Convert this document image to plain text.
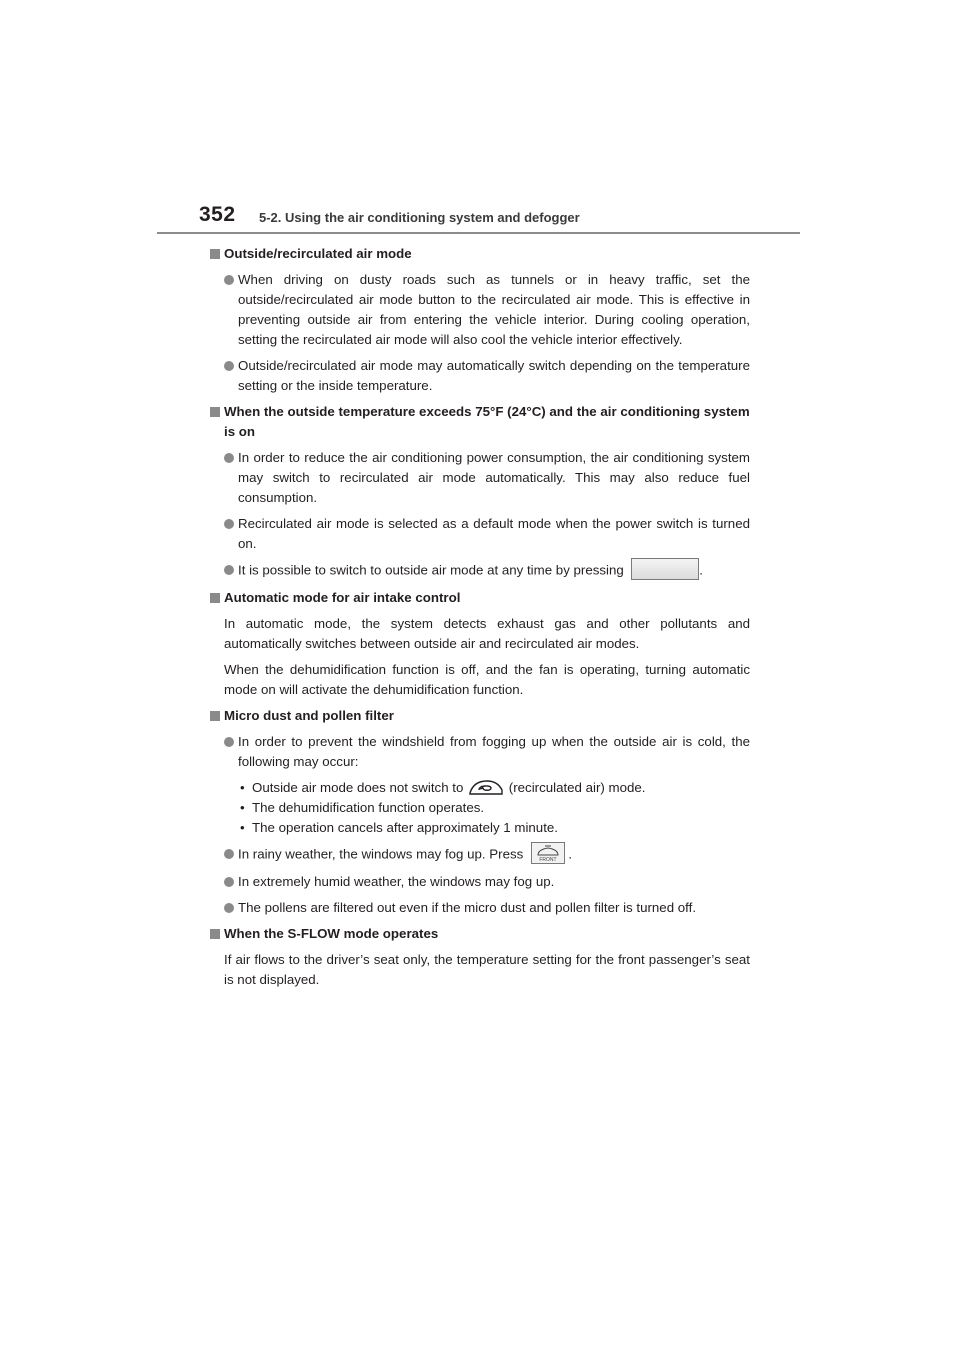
352 5-2. Using the air conditioning system and defogger
Outside/recirculated air mode
When driving on dusty roads such as tunnels or in heavy traffic, set the outside/recirculated air mode button to the recirculated air mode. This is effective in preventing outside air from entering the vehicle interior. During cooling operation, setting the recirculated air mode will also cool the vehicle interior effectively.
Outside/recirculated air mode may automatically switch depending on the temperature setting or the inside temperature.
When the outside temperature exceeds 75°F (24°C) and the air conditioning system is on
In order to reduce the air conditioning power consumption, the air conditioning system may switch to recirculated air mode automatically. This may also reduce fuel consumption.
Recirculated air mode is selected as a default mode when the power switch is turned on.
It is possible to switch to outside air mode at any time by pressing	.
Automatic mode for air intake control
In automatic mode, the system detects exhaust gas and other pollutants and automatically switches between outside air and recirculated air modes.
When the dehumidification function is off, and the fan is operating, turning automatic mode on will activate the dehumidification function.
Micro dust and pollen filter
In order to prevent the windshield from fogging up when the outside air is cold, the following may occur:
• Outside air mode does not switch to	(recirculated air) mode.
• The dehumidification function operates.
• The operation cancels after approximately 1 minute.
In rainy weather, the windows may fog up. Press	FRONT .
In extremely humid weather, the windows may fog up.
The pollens are filtered out even if the micro dust and pollen filter is turned off.
When the S-FLOW mode operates
If air flows to the driver’s seat only, the temperature setting for the front passenger’s seat is not displayed.
